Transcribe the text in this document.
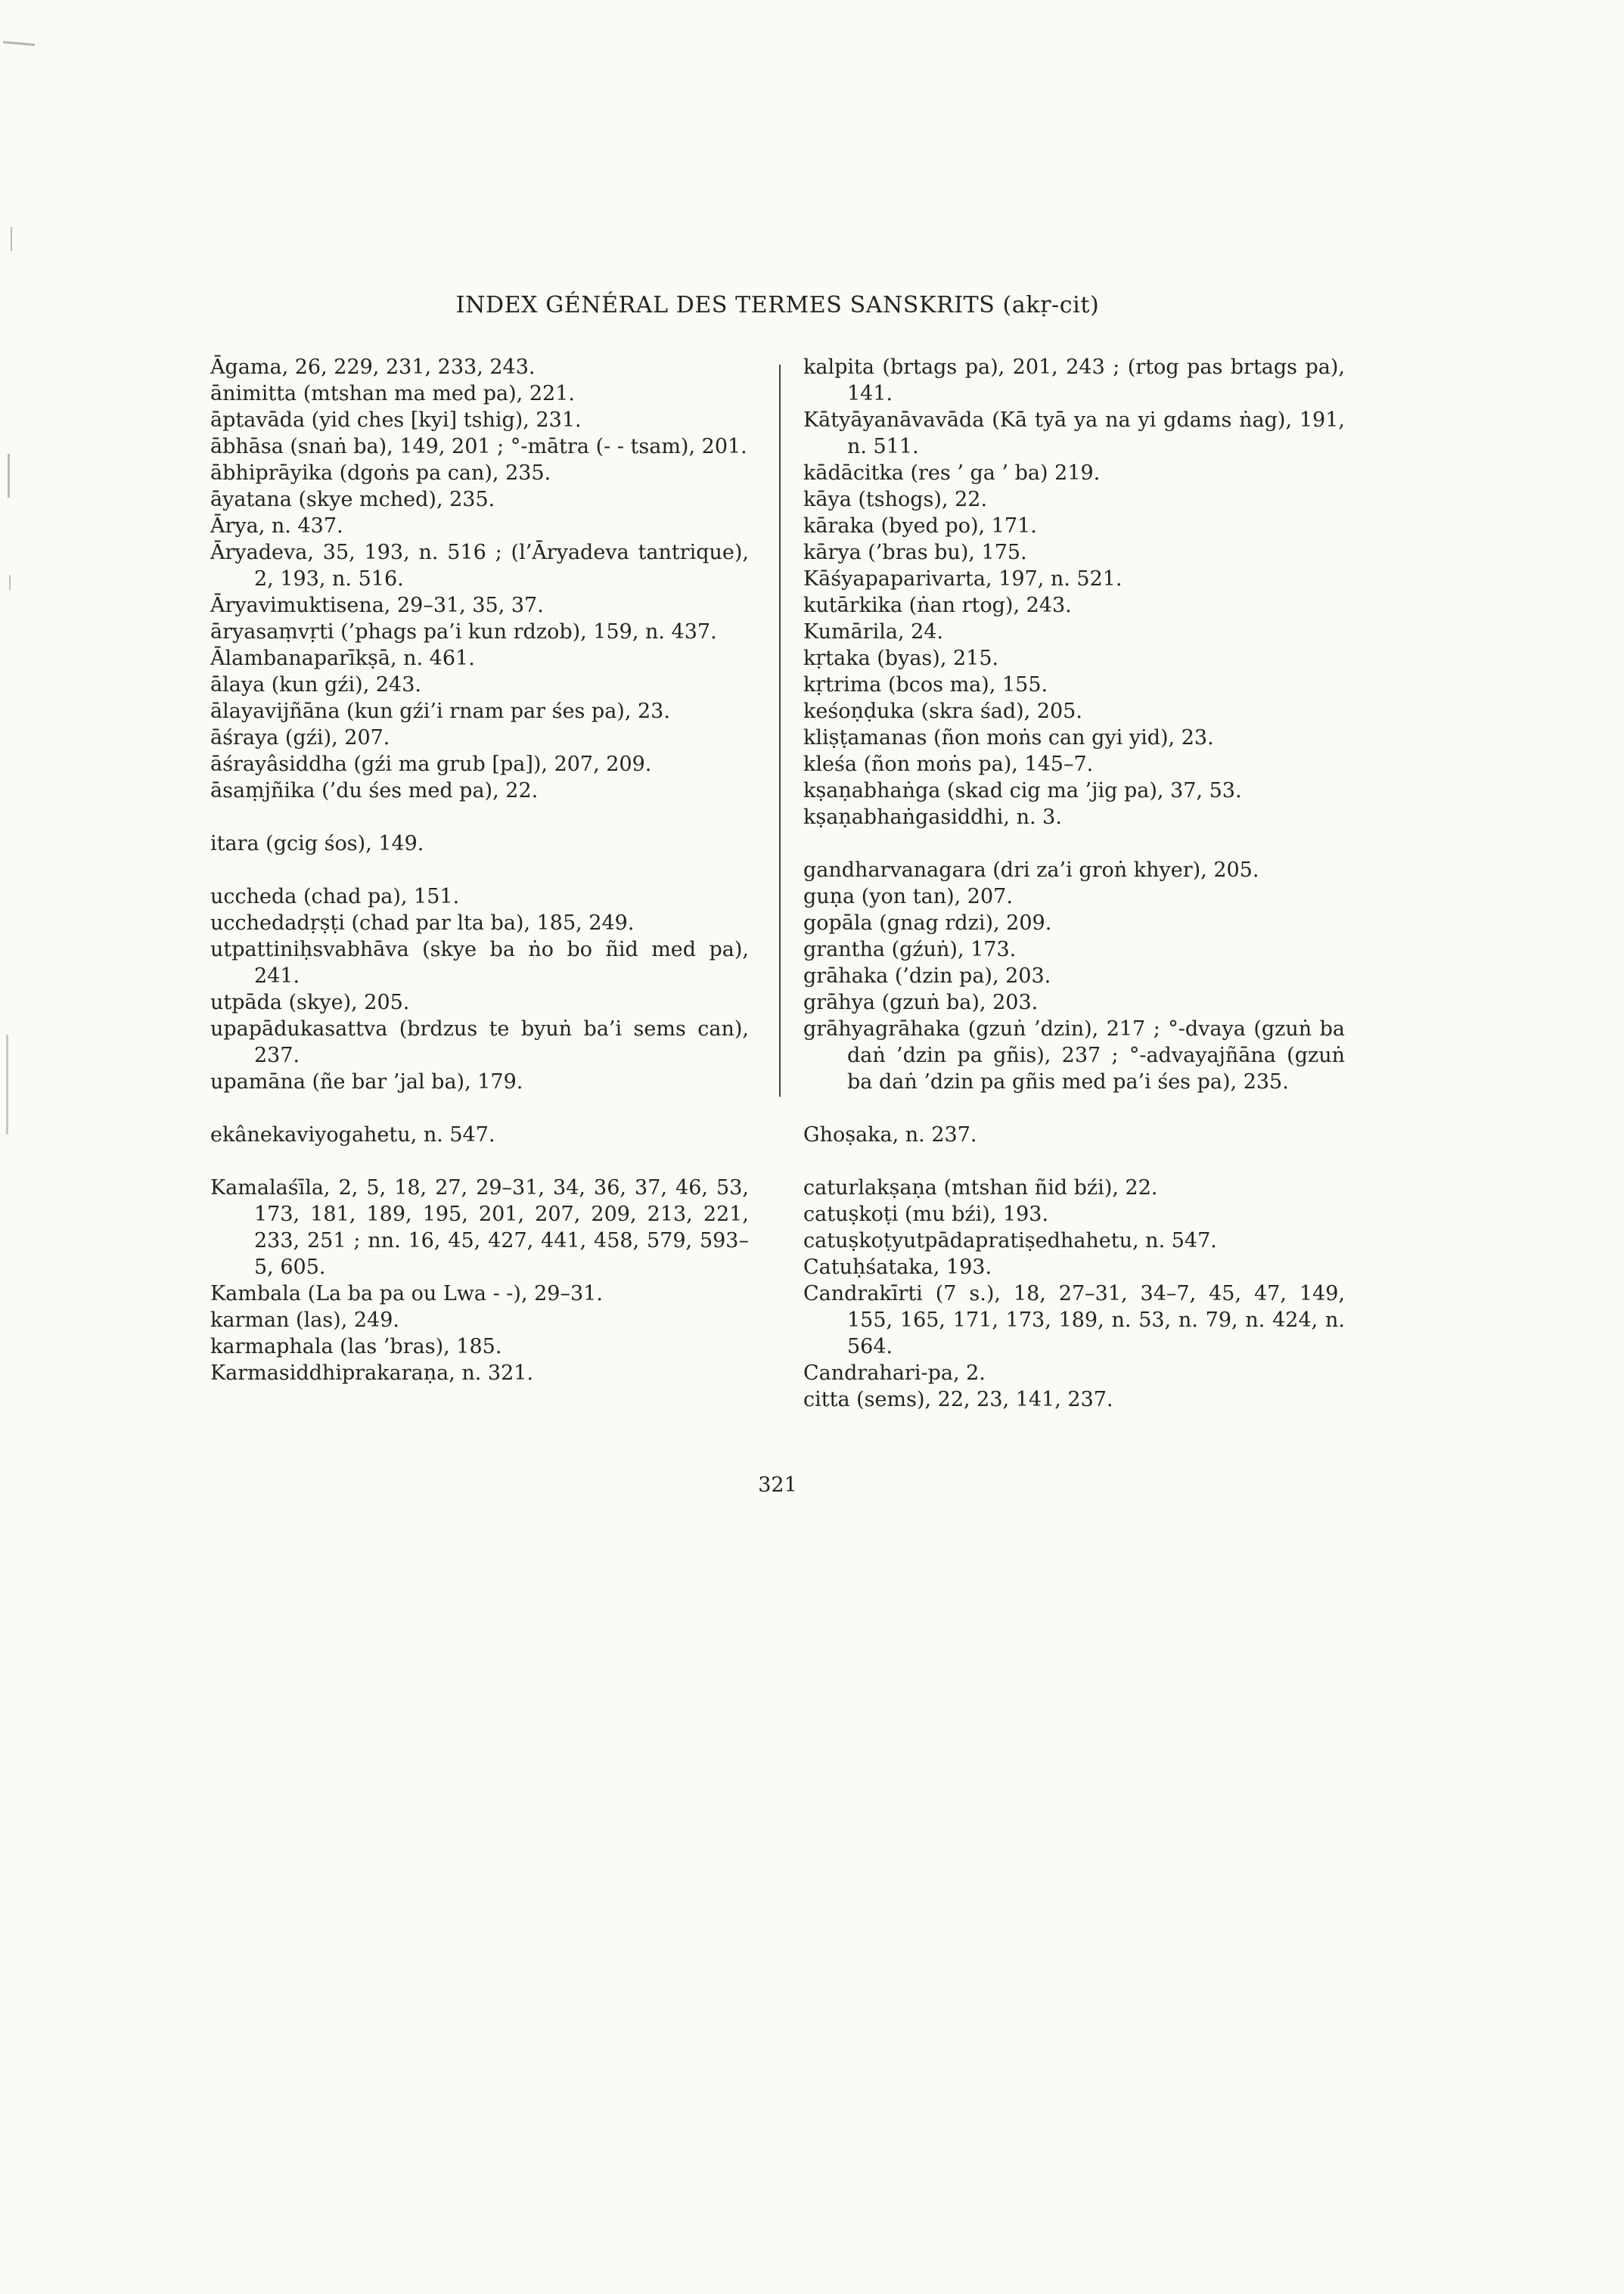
INDEX GÉNÉRAL DES TERMES SANSKRITS (akṛ-cit)

Āgama, 26, 229, 231, 233, 243.

ānimitta (mtshan ma med pa), 221.

āptavāda (yid ches [kyi] tshig), 231.

ābhāsa (snaṅ ba), 149, 201 ; °-mātra (- - tsam), 201.

ābhiprāyika (dgoṅs pa can), 235.

āyatana (skye mched), 235.

Ārya, n. 437.

Āryadeva, 35, 193, n. 516 ; (l’Āryadeva tantrique), 2, 193, n. 516.

Āryavimuktisena, 29–31, 35, 37.

āryasaṃvṛti (’phags pa’i kun rdzob), 159, n. 437.

Ālambanaparīkṣā, n. 461.

ālaya (kun gźi), 243.

ālayavijñāna (kun gźi’i rnam par śes pa), 23.

āśraya (gźi), 207.

āśrayâsiddha (gźi ma grub [pa]), 207, 209.

āsaṃjñika (’du śes med pa), 22.

itara (gcig śos), 149.

uccheda (chad pa), 151.

ucchedadṛṣṭi (chad par lta ba), 185, 249.

utpattiniḥsvabhāva (skye ba ṅo bo ñid med pa), 241.

utpāda (skye), 205.

upapādukasattva (brdzus te byuṅ ba’i sems can), 237.

upamāna (ñe bar ’jal ba), 179.

ekânekaviyogahetu, n. 547.

Kamalaśīla, 2, 5, 18, 27, 29–31, 34, 36, 37, 46, 53, 173, 181, 189, 195, 201, 207, 209, 213, 221, 233, 251 ; nn. 16, 45, 427, 441, 458, 579, 593–5, 605.

Kambala (La ba pa ou Lwa - -), 29–31.

karman (las), 249.

karmaphala (las ’bras), 185.

Karmasiddhiprakaraṇa, n. 321.

kalpita (brtags pa), 201, 243 ; (rtog pas brtags pa), 141.

Kātyāyanāvavāda (Kā tyā ya na yi gdams ṅag), 191, n. 511.

kādācitka (res ’ ga ’ ba) 219.

kāya (tshogs), 22.

kāraka (byed po), 171.

kārya (’bras bu), 175.

Kāśyapaparivarta, 197, n. 521.

kutārkika (ṅan rtog), 243.

Kumārila, 24.

kṛtaka (byas), 215.

kṛtrima (bcos ma), 155.

keśoṇḍuka (skra śad), 205.

kliṣṭamanas (ñon moṅs can gyi yid), 23.

kleśa (ñon moṅs pa), 145–7.

kṣaṇabhaṅga (skad cig ma ’jig pa), 37, 53.

kṣaṇabhaṅgasiddhi, n. 3.

gandharvanagara (dri za’i groṅ khyer), 205.

guṇa (yon tan), 207.

gopāla (gnag rdzi), 209.

grantha (gźuṅ), 173.

grāhaka (’dzin pa), 203.

grāhya (gzuṅ ba), 203.

grāhyagrāhaka (gzuṅ ’dzin), 217 ; °-dvaya (gzuṅ ba daṅ ’dzin pa gñis), 237 ; °-advayajñāna (gzuṅ ba daṅ ’dzin pa gñis med pa’i śes pa), 235.

Ghoṣaka, n. 237.

caturlakṣaṇa (mtshan ñid bźi), 22.

catuṣkoṭi (mu bźi), 193.

catuṣkoṭyutpādapratiṣedhahetu, n. 547.

Catuḥśataka, 193.

Candrakīrti (7 s.), 18, 27–31, 34–7, 45, 47, 149, 155, 165, 171, 173, 189, n. 53, n. 79, n. 424, n. 564.

Candrahari-pa, 2.

citta (sems), 22, 23, 141, 237.

321
